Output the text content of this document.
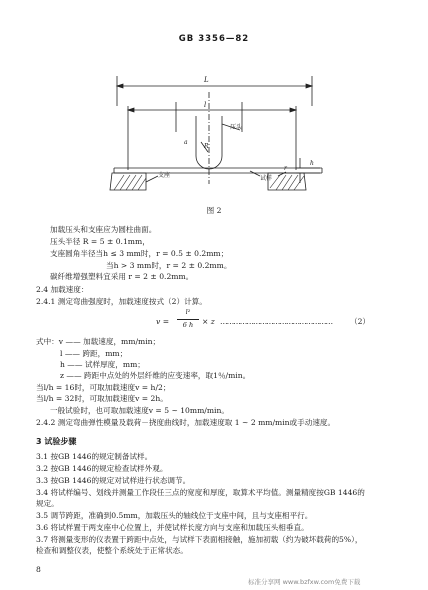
GB 3356—82
L
l
压头
R
a
支座	试样
r
h
图 2
加载压头和支座应为圆柱曲面。
压头半径 R = 5 ± 0.1mm，
支座圆角半径当h ≤ 3 mm时，r = 0.5 ± 0.2mm；
当h > 3 mm时，r = 2 ± 0.2mm。
碳纤维增强塑料宜采用 r = 2 ± 0.2mm。
2.4 加载速度：
2.4.1 测定弯曲强度时，加载速度按式（2）计算。
v =
l²
6 h	× z …………………………………………… （2）
式中：v —— 加载速度，mm/min；
l —— 跨距，mm；
h —— 试样厚度，mm；
z —— 跨距中点处的外层纤维的应变速率，取1％/min。
当l/h = 16时，可取加载速度v = h/2；
当l/h = 32时，可取加载速度v = 2h。
一般试验时，也可取加载速度v = 5 ~ 10mm/min。
2.4.2 测定弯曲弹性模量及载荷－挠度曲线时，加载速度取 1 ~ 2 mm/min或手动速度。
3 试验步骤
3.1 按GB 1446的规定制备试样。
3.2 按GB 1446的规定检查试样外观。
3.3 按GB 1446的规定对试样进行状态调节。
3.4 将试样编号、划线并测量工作段任三点的宽度和厚度，取算术平均值。测量精度按GB 1446的
规定。
3.5 调节跨距，准确到0.5mm，加载压头的轴线位于支座中间，且与支座相平行。
3.6 将试样置于两支座中心位置上，并使试样长度方向与支座和加载压头相垂直。
3.7 将测量变形的仪表置于跨距中点处，与试样下表面相接触，施加初载（约为破坏载荷的5%），
检查和调整仪表，使整个系统处于正常状态。
8
标准分享网 www.bzfxw.com免费下载
